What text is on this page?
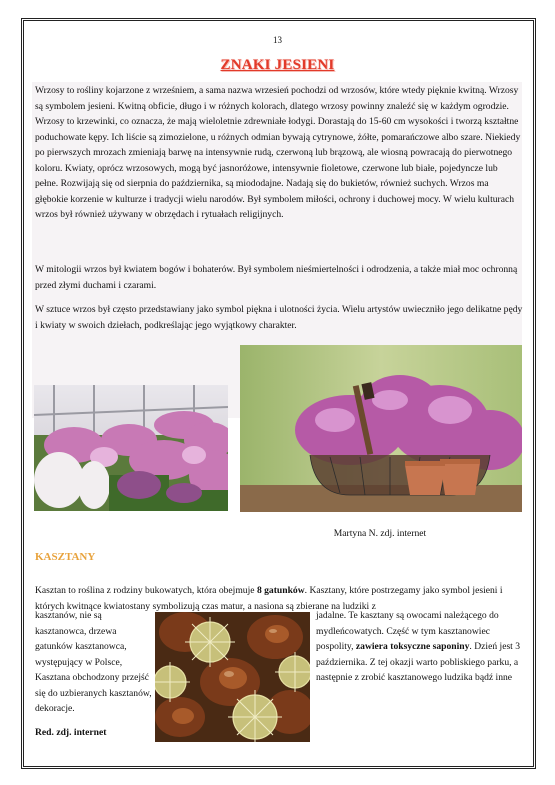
13
ZNAKI JESIENI
Wrzosy to rośliny kojarzone z wrześniem, a sama nazwa wrzesień pochodzi od wrzosów, które wtedy pięknie kwitną. Wrzosy są symbolem jesieni. Kwitną obficie, długo i w różnych kolorach, dlatego wrzosy powinny znaleźć się w każdym ogrodzie. Wrzosy to krzewinki, co oznacza, że mają wieloletnie zdrewniałe łodygi. Dorastają do 15-60 cm wysokości i tworzą kształtne poduchowate kępy. Ich liście są zimozielone, u różnych odmian bywają cytrynowe, żółte, pomarańczowe albo szare. Niekiedy po pierwszych mrozach zmieniają barwę na intensywnie rudą, czerwoną lub brązową, ale wiosną powracają do pierwotnego koloru. Kwiaty, oprócz wrzosowych, mogą być jasnoróżowe, intensywnie fioletowe, czerwone lub białe, pojedyncze lub pełne. Rozwijają się od sierpnia do października, są miododajne. Nadają się do bukietów, również suchych. Wrzos ma głębokie korzenie w kulturze i tradycji wielu narodów. Był symbolem miłości, ochrony i duchowej mocy. W wielu kulturach wrzos był również używany w obrzędach i rytuałach religijnych.
W mitologii wrzos był kwiatem bogów i bohaterów. Był symbolem nieśmiertelności i odrodzenia, a także miał moc ochronną przed złymi duchami i czarami.
W sztuce wrzos był często przedstawiany jako symbol piękna i ulotności życia. Wielu artystów uwieczniło jego delikatne pędy i kwiaty w swoich dziełach, podkreślając jego wyjątkowy charakter.
Martyna N. zdj. internet
KASZTANY
Kasztan to roślina z rodziny bukowatych, która obejmuje 8 gatunków. Kasztany, które postrzegamy jako symbol jesieni i których kwitnące kwiatostany symbolizują czas matur, a nasiona są zbierane na ludziki z
kasztanów, nie są kasztanowca, drzewa gatunków kasztanowca, występujący w Polsce, Kasztana obchodzony przejść się do uzbieranych kasztanów, dekoracje.
jadalne. Te kasztany są owocami należącego do mydleńcowatych. Część w tym kasztanowiec pospolity, zawiera toksyczne saponiny. Dzień jest 3 października. Z tej okazji warto pobliskiego parku, a następnie z zrobić kasztanowego ludzika bądź inne
Red. zdj. internet
